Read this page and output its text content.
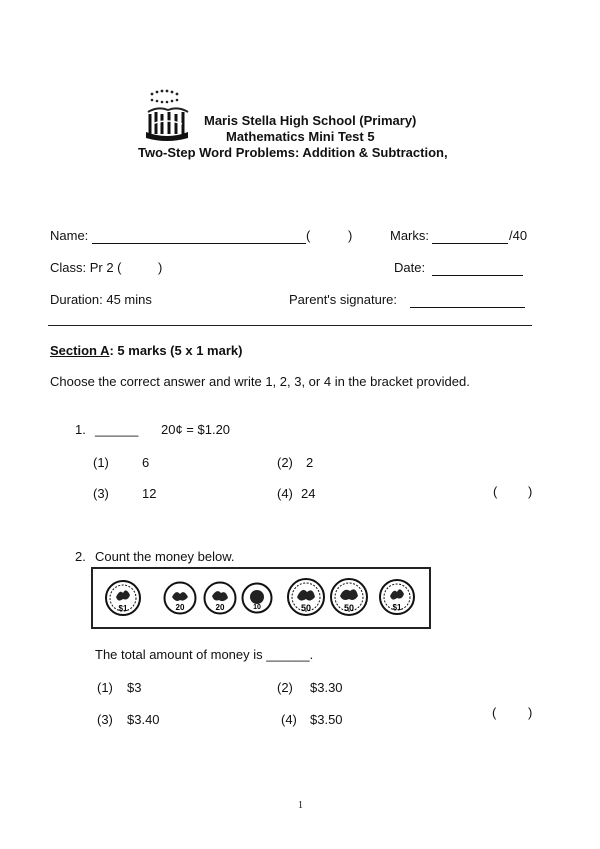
Maris Stella High School (Primary)
Mathematics Mini Test 5
Two-Step Word Problems: Addition & Subtraction,
Name:	(	)	Marks:	/40
Class: Pr 2 (	)	Date:
Duration: 45 mins	Parent's signature:
Section A: 5 marks (5 x 1 mark)
Choose the correct answer and write 1, 2, 3, or 4 in the bracket provided.
1. ______ 20¢ = $1.20
(1)	6	(2) 2
(3)	12	(4) 24	( )
2. Count the money below.
$1	20	20	10	50	50	$1
The total amount of money is ______.
(1) $3	(2) $3.30
(3) $3.40	(4) $3.50	( )
1
